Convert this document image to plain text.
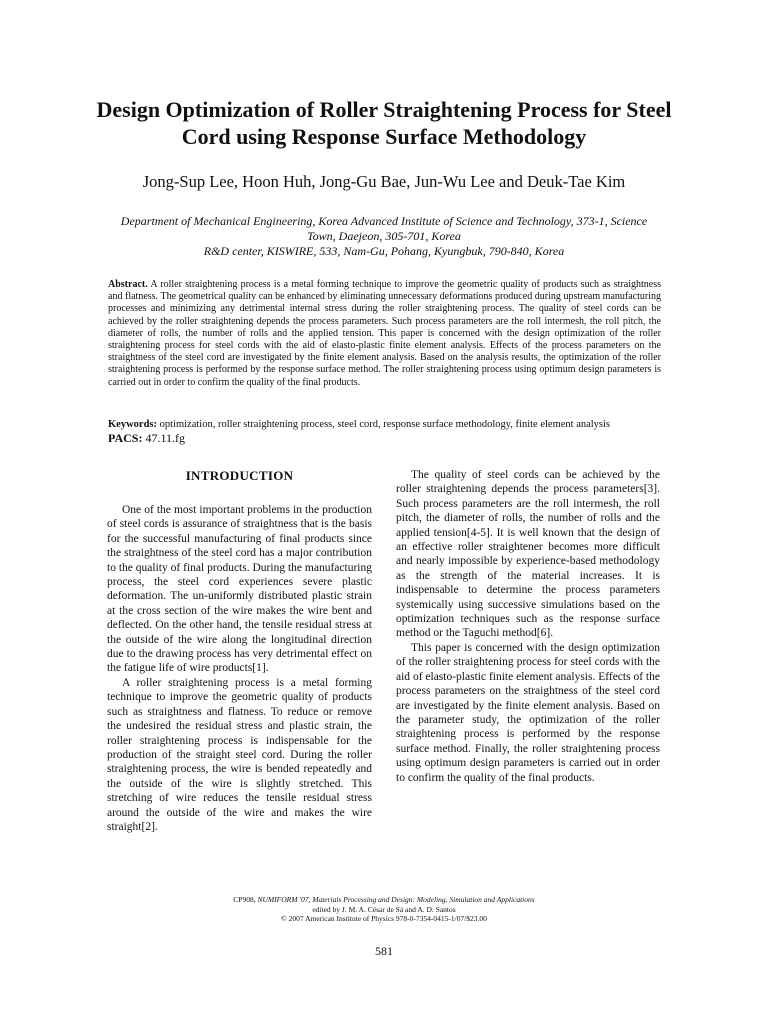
Design Optimization of Roller Straightening Process for Steel Cord using Response Surface Methodology

Jong-Sup Lee, Hoon Huh, Jong-Gu Bae, Jun-Wu Lee and Deuk-Tae Kim

Department of Mechanical Engineering, Korea Advanced Institute of Science and Technology, 373-1, Science
Town, Daejeon, 305-701, Korea
R&D center, KISWIRE, 533, Nam-Gu, Pohang, Kyungbuk, 790-840, Korea

Abstract. A roller straightening process is a metal forming technique to improve the geometric quality of products such as straightness and flatness. The geometrical quality can be enhanced by eliminating unnecessary deformations produced during upstream manufacturing processes and minimizing any detrimental internal stress during the roller straightening process. The quality of steel cords can be achieved by the roller straightening depends the process parameters. Such process parameters are the roll intermesh, the roll pitch, the diameter of rolls, the number of rolls and the applied tension. This paper is concerned with the design optimization of the roller straightening process for steel cords with the aid of elasto-plastic finite element analysis. Effects of the process parameters on the straightness of the steel cord are investigated by the finite element analysis. Based on the analysis results, the optimization of the roller straightening process is performed by the response surface method. The roller straightening process using optimum design parameters is carried out in order to confirm the quality of the final products.

Keywords: optimization, roller straightening process, steel cord, response surface methodology, finite element analysis

PACS: 47.11.fg

INTRODUCTION

One of the most important problems in the production of steel cords is assurance of straightness that is the basis for the successful manufacturing of final products since the straightness of the steel cord has a major contribution to the quality of final products. During the manufacturing process, the steel cord experiences severe plastic deformation. The un-uniformly distributed plastic strain at the cross section of the wire makes the wire bent and deflected. On the other hand, the tensile residual stress at the outside of the wire along the longitudinal direction due to the drawing process has very detrimental effect on the fatigue life of wire products[1].

A roller straightening process is a metal forming technique to improve the geometric quality of products such as straightness and flatness. To reduce or remove the undesired the residual stress and plastic strain, the roller straightening process is indispensable for the production of the straight steel cord. During the roller straightening process, the wire is bended repeatedly and the outside of the wire is slightly stretched. This stretching of wire reduces the tensile residual stress around the outside of the wire and makes the wire straight[2].

The quality of steel cords can be achieved by the roller straightening depends the process parameters[3]. Such process parameters are the roll intermesh, the roll pitch, the diameter of rolls, the number of rolls and the applied tension[4-5]. It is well known that the design of an effective roller straightener becomes more difficult and nearly impossible by experience-based methodology as the strength of the material increases. It is indispensable to determine the process parameters systemically using successive simulations based on the optimization techniques such as the response surface method or the Taguchi method[6].

This paper is concerned with the design optimization of the roller straightening process for steel cords with the aid of elasto-plastic finite element analysis. Effects of the process parameters on the straightness of the steel cord are investigated by the finite element analysis. Based on the parameter study, the optimization of the roller straightening process is performed by the response surface method. Finally, the roller straightening process using optimum design parameters is carried out in order to confirm the quality of the final products.

CP908, NUMIFORM '07, Materials Processing and Design: Modeling, Simulation and Applications
edited by J. M. A. César de Sá and A. D. Santos
© 2007 American Institute of Physics 978-0-7354-0415-1/07/$23.00
581
